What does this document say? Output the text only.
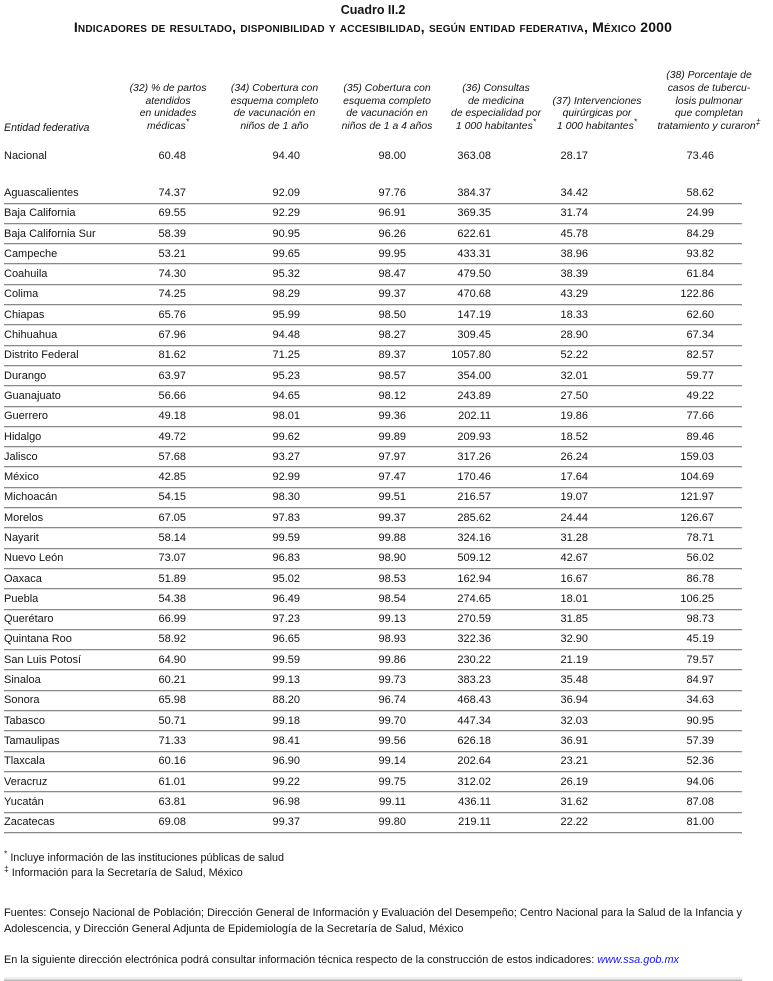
Cuadro II.2
Indicadores de resultado, disponibilidad y accesibilidad, según entidad federativa, México 2000
Entidad federativa
(32) % de partos
atendidos
en unidades
médicas*
(34) Cobertura con
esquema completo
de vacunación en
niños de 1 año
(35) Cobertura con
esquema completo
de vacunación en
niños de 1 a 4 años
(36) Consultas
de medicina
de especialidad por
1 000 habitantes*
(37) Intervenciones
quirúrgicas por
1 000 habitantes*
(38) Porcentaje de
casos de tubercu-
losis pulmonar
que completan
tratamiento y curaron‡
Nacional	60.48	94.40	98.00	363.08	28.17	73.46
Aguascalientes	74.37	92.09	97.76	384.37	34.42	58.62
Baja California	69.55	92.29	96.91	369.35	31.74	24.99
Baja California Sur	58.39	90.95	96.26	622.61	45.78	84.29
Campeche	53.21	99.65	99.95	433.31	38.96	93.82
Coahuila	74.30	95.32	98.47	479.50	38.39	61.84
Colima	74.25	98.29	99.37	470.68	43.29	122.86
Chiapas	65.76	95.99	98.50	147.19	18.33	62.60
Chihuahua	67.96	94.48	98.27	309.45	28.90	67.34
Distrito Federal	81.62	71.25	89.37	1057.80	52.22	82.57
Durango	63.97	95.23	98.57	354.00	32.01	59.77
Guanajuato	56.66	94.65	98.12	243.89	27.50	49.22
Guerrero	49.18	98.01	99.36	202.11	19.86	77.66
Hidalgo	49.72	99.62	99.89	209.93	18.52	89.46
Jalisco	57.68	93.27	97.97	317.26	26.24	159.03
México	42.85	92.99	97.47	170.46	17.64	104.69
Michoacán	54.15	98.30	99.51	216.57	19.07	121.97
Morelos	67.05	97.83	99.37	285.62	24.44	126.67
Nayarit	58.14	99.59	99.88	324.16	31.28	78.71
Nuevo León	73.07	96.83	98.90	509.12	42.67	56.02
Oaxaca	51.89	95.02	98.53	162.94	16.67	86.78
Puebla	54.38	96.49	98.54	274.65	18.01	106.25
Querétaro	66.99	97.23	99.13	270.59	31.85	98.73
Quintana Roo	58.92	96.65	98.93	322.36	32.90	45.19
San Luis Potosí	64.90	99.59	99.86	230.22	21.19	79.57
Sinaloa	60.21	99.13	99.73	383.23	35.48	84.97
Sonora	65.98	88.20	96.74	468.43	36.94	34.63
Tabasco	50.71	99.18	99.70	447.34	32.03	90.95
Tamaulipas	71.33	98.41	99.56	626.18	36.91	57.39
Tlaxcala	60.16	96.90	99.14	202.64	23.21	52.36
Veracruz	61.01	99.22	99.75	312.02	26.19	94.06
Yucatán	63.81	96.98	99.11	436.11	31.62	87.08
Zacatecas	69.08	99.37	99.80	219.11	22.22	81.00
* Incluye información de las instituciones públicas de salud
‡ Información para la Secretaría de Salud, México
Fuentes: Consejo Nacional de Población; Dirección General de Información y Evaluación del Desempeño; Centro Nacional para la Salud de la Infancia y Adolescencia, y Dirección General Adjunta de Epidemiología de la Secretaría de Salud, México
En la siguiente dirección electrónica podrá consultar información técnica respecto de la construcción de estos indicadores: www.ssa.gob.mx
